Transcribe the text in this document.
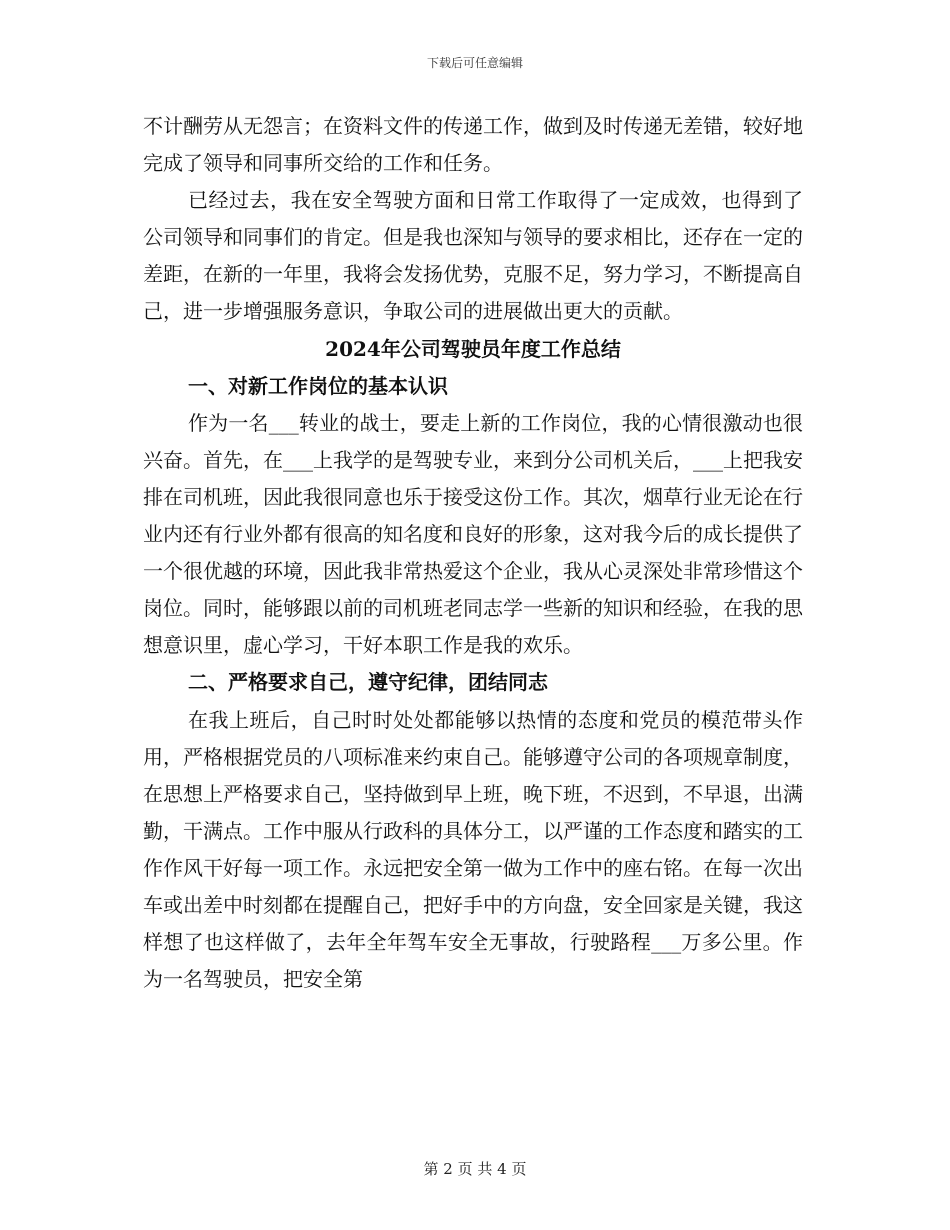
下载后可任意编辑

不计酬劳从无怨言；在资料文件的传递工作，做到及时传递无差错，较好地完成了领导和同事所交给的工作和任务。

已经过去，我在安全驾驶方面和日常工作取得了一定成效，也得到了公司领导和同事们的肯定。但是我也深知与领导的要求相比，还存在一定的差距，在新的一年里，我将会发扬优势，克服不足，努力学习，不断提高自己，进一步增强服务意识，争取公司的进展做出更大的贡献。

2024年公司驾驶员年度工作总结

一、对新工作岗位的基本认识

作为一名___转业的战士，要走上新的工作岗位，我的心情很激动也很兴奋。首先，在___上我学的是驾驶专业，来到分公司机关后，___上把我安排在司机班，因此我很同意也乐于接受这份工作。其次，烟草行业无论在行业内还有行业外都有很高的知名度和良好的形象，这对我今后的成长提供了一个很优越的环境，因此我非常热爱这个企业，我从心灵深处非常珍惜这个岗位。同时，能够跟以前的司机班老同志学一些新的知识和经验，在我的思想意识里，虚心学习，干好本职工作是我的欢乐。

二、严格要求自己，遵守纪律，团结同志

在我上班后，自己时时处处都能够以热情的态度和党员的模范带头作用，严格根据党员的八项标准来约束自己。能够遵守公司的各项规章制度，在思想上严格要求自己，坚持做到早上班，晚下班，不迟到，不早退，出满勤，干满点。工作中服从行政科的具体分工，以严谨的工作态度和踏实的工作作风干好每一项工作。永远把安全第一做为工作中的座右铭。在每一次出车或出差中时刻都在提醒自己，把好手中的方向盘，安全回家是关键，我这样想了也这样做了，去年全年驾车安全无事故，行驶路程___万多公里。作为一名驾驶员，把安全第

第 2 页 共 4 页
